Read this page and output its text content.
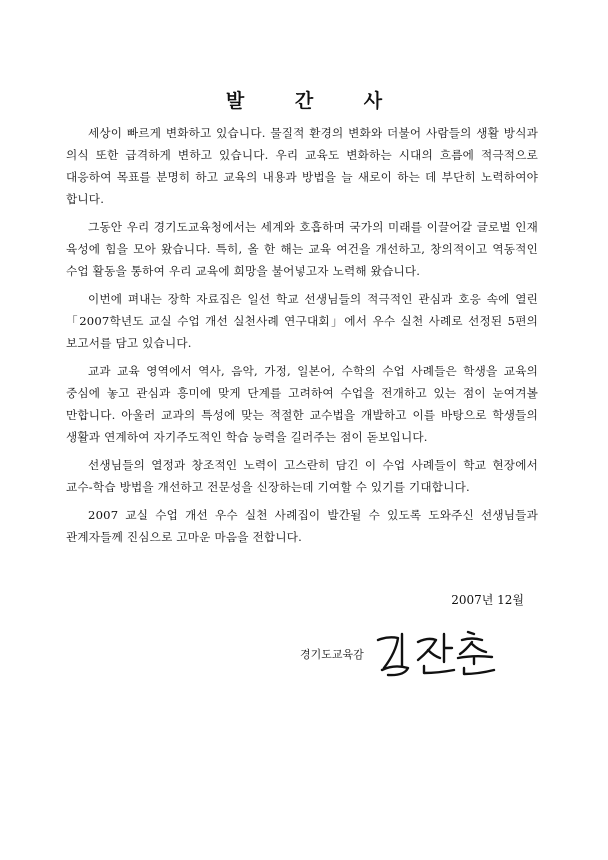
발 간 사

세상이 빠르게 변화하고 있습니다. 물질적 환경의 변화와 더불어 사람들의 생활 방식과 의식 또한 급격하게 변하고 있습니다. 우리 교육도 변화하는 시대의 흐름에 적극적으로 대응하여 목표를 분명히 하고 교육의 내용과 방법을 늘 새로이 하는 데 부단히 노력하여야 합니다.

그동안 우리 경기도교육청에서는 세계와 호흡하며 국가의 미래를 이끌어갈 글로벌 인재 육성에 힘을 모아 왔습니다. 특히, 올 한 해는 교육 여건을 개선하고, 창의적이고 역동적인 수업 활동을 통하여 우리 교육에 희망을 불어넣고자 노력해 왔습니다.

이번에 펴내는 장학 자료집은 일선 학교 선생님들의 적극적인 관심과 호응 속에 열린「2007학년도 교실 수업 개선 실천사례 연구대회」에서 우수 실천 사례로 선정된 5편의 보고서를 담고 있습니다.

교과 교육 영역에서 역사, 음악, 가정, 일본어, 수학의 수업 사례들은 학생을 교육의 중심에 놓고 관심과 흥미에 맞게 단계를 고려하여 수업을 전개하고 있는 점이 눈여겨볼 만합니다. 아울러 교과의 특성에 맞는 적절한 교수법을 개발하고 이를 바탕으로 학생들의 생활과 연계하여 자기주도적인 학습 능력을 길러주는 점이 돋보입니다.

선생님들의 열정과 창조적인 노력이 고스란히 담긴 이 수업 사례들이 학교 현장에서 교수-학습 방법을 개선하고 전문성을 신장하는데 기여할 수 있기를 기대합니다.

2007 교실 수업 개선 우수 실천 사례집이 발간될 수 있도록 도와주신 선생님들과 관계자들께 진심으로 고마운 마음을 전합니다.

2007년 12월
경기도교육감
